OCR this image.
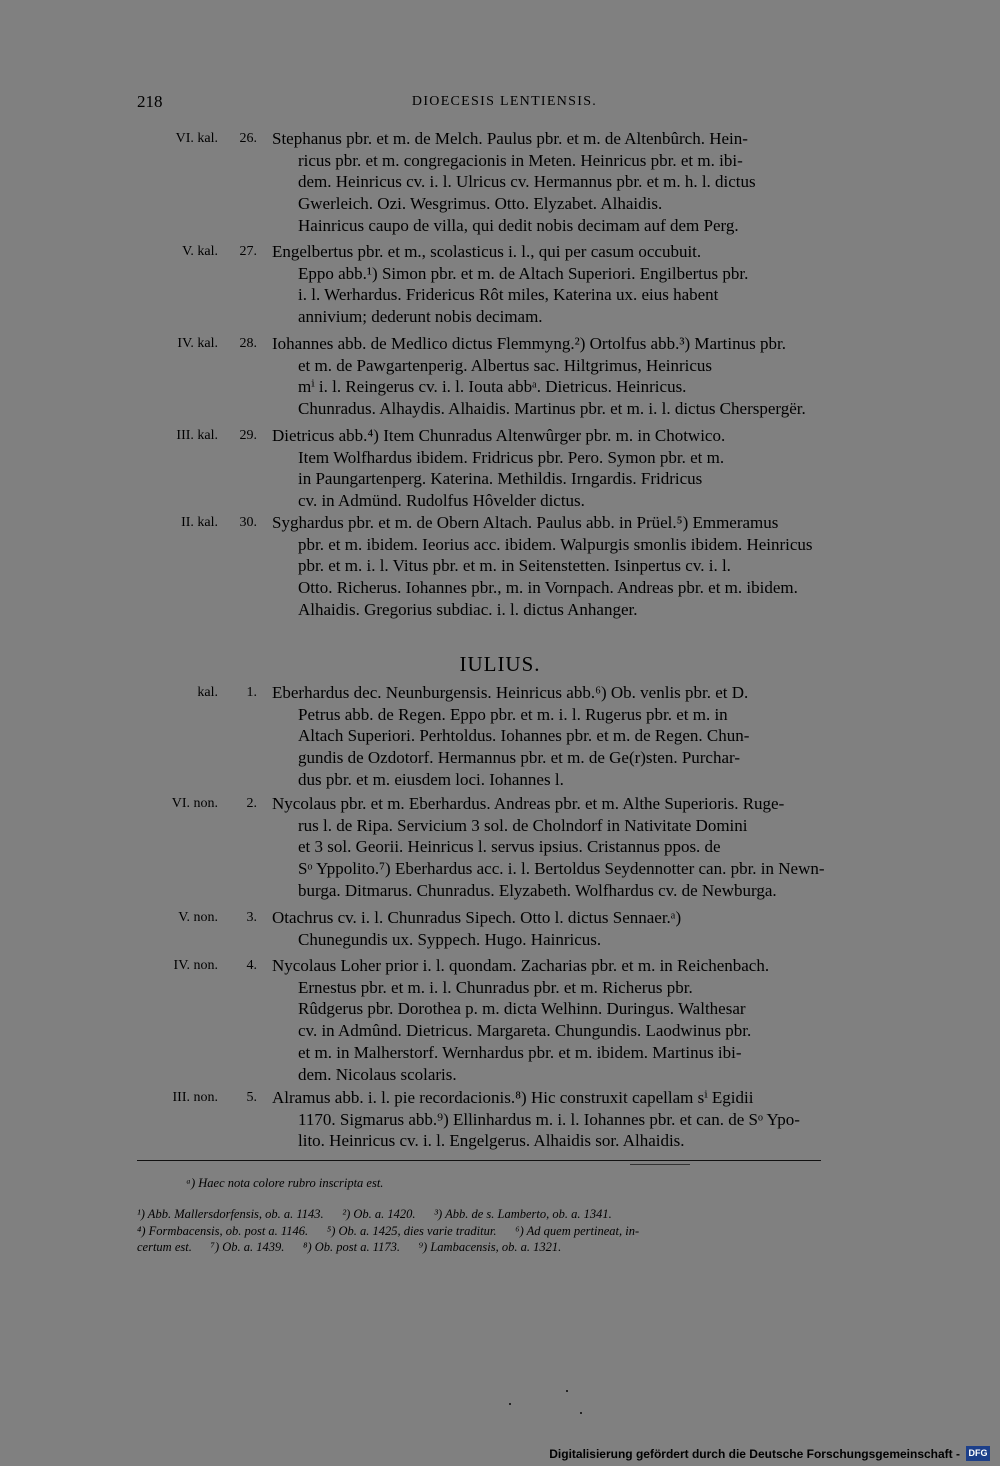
218	DIOECESIS LENTIENSIS.
VI. kal. 26. Stephanus pbr. et m. de Melch. Paulus pbr. et m. de Altenbûrch. Hein-

ricus pbr. et m. congregacionis in Meten. Heinricus pbr. et m. ibi-

dem. Heinricus cv. i. l. Ulricus cv. Hermannus pbr. et m. h. l. dictus

Gwerleich. Ozi. Wesgrimus. Otto. Elyzabet. Alhaidis.

Hainricus caupo de villa, qui dedit nobis decimam auf dem Perg.

V. kal. 27. Engelbertus pbr. et m., scolasticus i. l., qui per casum occubuit.

Eppo abb.¹) Simon pbr. et m. de Altach Superiori. Engilbertus pbr.

i. l. Werhardus. Fridericus Rôt miles, Katerina ux. eius habent

annivium; dederunt nobis decimam.

IV. kal. 28. Iohannes abb. de Medlico dictus Flemmyng.²) Ortolfus abb.³) Martinus pbr.

et m. de Pawgartenperig. Albertus sac. Hiltgrimus, Heinricus

mⁱ i. l. Reingerus cv. i. l. Iouta abbᵃ. Dietricus. Heinricus.

Chunradus. Alhaydis. Alhaidis. Martinus pbr. et m. i. l. dictus Cherspergër.

III. kal. 29. Dietricus abb.⁴) Item Chunradus Altenwûrger pbr. m. in Chotwico.

Item Wolfhardus ibidem. Fridricus pbr. Pero. Symon pbr. et m.

in Paungartenperg. Katerina. Methildis. Irngardis. Fridricus

cv. in Admünd. Rudolfus Hôvelder dictus.

II. kal. 30. Syghardus pbr. et m. de Obern Altach. Paulus abb. in Prüel.⁵) Emmeramus

pbr. et m. ibidem. Ieorius acc. ibidem. Walpurgis smonlis ibidem. Heinricus

pbr. et m. i. l. Vitus pbr. et m. in Seitenstetten. Isinpertus cv. i. l.

Otto. Richerus. Iohannes pbr., m. in Vornpach. Andreas pbr. et m. ibidem.

Alhaidis. Gregorius subdiac. i. l. dictus Anhanger.

IULIUS.
kal. 1. Eberhardus dec. Neunburgensis. Heinricus abb.⁶) Ob. venlis pbr. et D.

Petrus abb. de Regen. Eppo pbr. et m. i. l. Rugerus pbr. et m. in

Altach Superiori. Perhtoldus. Iohannes pbr. et m. de Regen. Chun-

gundis de Ozdotorf. Hermannus pbr. et m. de Ge(r)sten. Purchar-

dus pbr. et m. eiusdem loci. Iohannes l.

VI. non. 2. Nycolaus pbr. et m. Eberhardus. Andreas pbr. et m. Althe Superioris. Ruge-

rus l. de Ripa. Servicium 3 sol. de Cholndorf in Nativitate Domini

et 3 sol. Georii. Heinricus l. servus ipsius. Cristannus ppos. de

Sᵒ Yppolito.⁷) Eberhardus acc. i. l. Bertoldus Seydennotter can. pbr. in Newn-

burga. Ditmarus. Chunradus. Elyzabeth. Wolfhardus cv. de Newburga.

V. non. 3. Otachrus cv. i. l. Chunradus Sipech. Otto l. dictus Sennaer.ᵃ)

Chunegundis ux. Syppech. Hugo. Hainricus.

IV. non. 4. Nycolaus Loher prior i. l. quondam. Zacharias pbr. et m. in Reichenbach.

Ernestus pbr. et m. i. l. Chunradus pbr. et m. Richerus pbr.

Rûdgerus pbr. Dorothea p. m. dicta Welhinn. Duringus. Walthesar

cv. in Admûnd. Dietricus. Margareta. Chungundis. Laodwinus pbr.

et m. in Malherstorf. Wernhardus pbr. et m. ibidem. Martinus ibi-

dem. Nicolaus scolaris.

III. non. 5. Alramus abb. i. l. pie recordacionis.⁸) Hic construxit capellam sⁱ Egidii

1170. Sigmarus abb.⁹) Ellinhardus m. i. l. Iohannes pbr. et can. de Sᵒ Ypo-

lito. Heinricus cv. i. l. Engelgerus. Alhaidis sor. Alhaidis.

ᵃ) Haec nota colore rubro inscripta est.

¹) Abb. Mallersdorfensis, ob. a. 1143.      ²) Ob. a. 1420.      ³) Abb. de s. Lamberto, ob. a. 1341.

⁴) Formbacensis, ob. post a. 1146.      ⁵) Ob. a. 1425, dies varie traditur.      ⁶) Ad quem pertineat, in-

certum est.      ⁷) Ob. a. 1439.      ⁸) Ob. post a. 1173.      ⁹) Lambacensis, ob. a. 1321.

Digitalisierung gefördert durch die Deutsche Forschungsgemeinschaft - DFG
